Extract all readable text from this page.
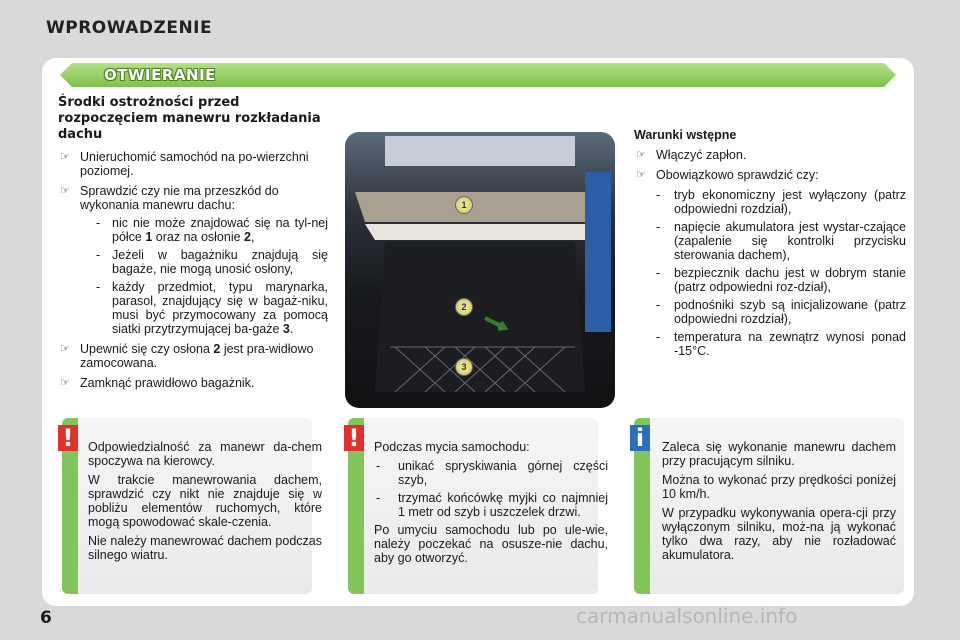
WPROWADZENIE
OTWIERANIE
Środki ostrożności przed rozpoczęciem manewru rozkładania dachu
☞ Unieruchomić samochód na po-wierzchni poziomej.
☞ Sprawdzić czy nie ma przeszkód do wykonania manewru dachu:
- nic nie może znajdować się na tyl-nej półce 1 oraz na osłonie 2,
- Jeżeli w bagażniku znajdują się bagaże, nie mogą unosić osłony,
- każdy przedmiot, typu marynarka, parasol, znajdujący się w bagaż-niku, musi być przymocowany za pomocą siatki przytrzymującej ba-gaże 3.
☞ Upewnić się czy osłona 2 jest pra-widłowo zamocowana.
☞ Zamknąć prawidłowo bagażnik.
1
2
3
Warunki wstępne
☞ Włączyć zapłon.
☞ Obowiązkowo sprawdzić czy:
- tryb ekonomiczny jest wyłączony (patrz odpowiedni rozdział),
- napięcie akumulatora jest wystar-czające (zapalenie się kontrolki przycisku sterowania dachem),
- bezpiecznik dachu jest w dobrym stanie (patrz odpowiedni roz-dział),
- podnośniki szyb są inicjalizowane (patrz odpowiedni rozdział),
- temperatura na zewnątrz wynosi ponad -15°C.
!	Odpowiedzialność za manewr da-chem spoczywa na kierowcy.

W trakcie manewrowania dachem, sprawdzić czy nikt nie znajduje się w pobliżu elementów ruchomych, które mogą spowodować skale-czenia.

Nie należy manewrować dachem podczas silnego wiatru.

!	Podczas mycia samochodu:

- unikać spryskiwania górnej części szyb,
- trzymać końcówkę myjki co najmniej 1 metr od szyb i uszczelek drzwi.

Po umyciu samochodu lub po ule-wie, należy poczekać na osusze-nie dachu, aby go otworzyć.

i	Zaleca się wykonanie manewru dachem przy pracującym silniku.

Można to wykonać przy prędkości poniżej 10 km/h.

W przypadku wykonywania opera-cji przy wyłączonym silniku, moż-na ją wykonać tylko dwa razy, aby nie rozładować akumulatora.

6	carmanualsonline.info
